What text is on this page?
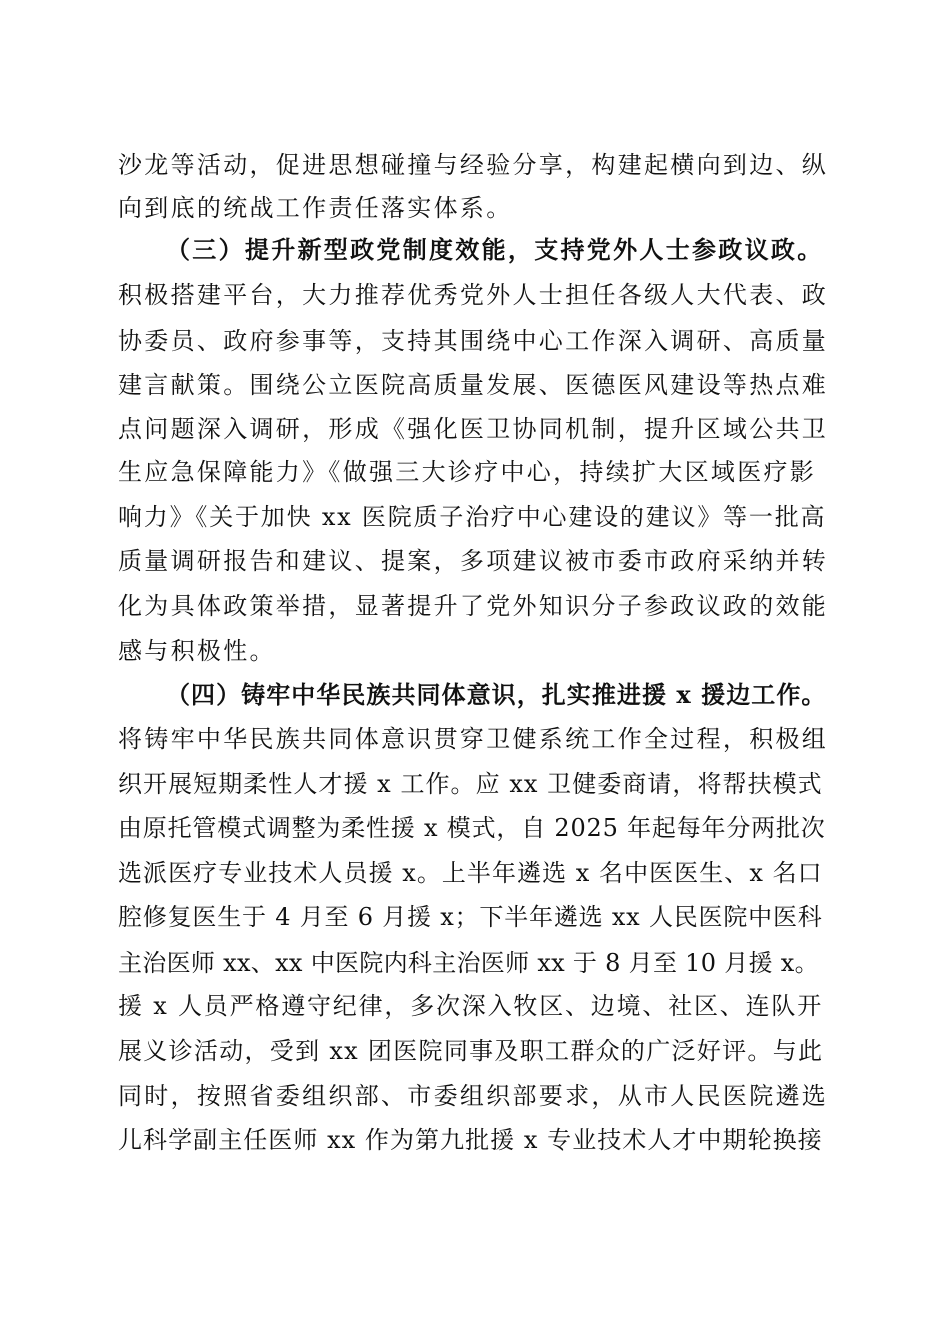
沙龙等活动，促进思想碰撞与经验分享，构建起横向到边、纵

向到底的统战工作责任落实体系。

（三）提升新型政党制度效能，支持党外人士参政议政。

积极搭建平台，大力推荐优秀党外人士担任各级人大代表、政

协委员、政府参事等，支持其围绕中心工作深入调研、高质量

建言献策。围绕公立医院高质量发展、医德医风建设等热点难

点问题深入调研，形成《强化医卫协同机制，提升区域公共卫

生应急保障能力》《做强三大诊疗中心，持续扩大区域医疗影

响力》《关于加快 xx 医院质子治疗中心建设的建议》等一批高

质量调研报告和建议、提案，多项建议被市委市政府采纳并转

化为具体政策举措，显著提升了党外知识分子参政议政的效能

感与积极性。

（四）铸牢中华民族共同体意识，扎实推进援 x 援边工作。

将铸牢中华民族共同体意识贯穿卫健系统工作全过程，积极组

织开展短期柔性人才援 x 工作。应 xx 卫健委商请，将帮扶模式

由原托管模式调整为柔性援 x 模式，自 2025 年起每年分两批次

选派医疗专业技术人员援 x。上半年遴选 x 名中医医生、x 名口

腔修复医生于 4 月至 6 月援 x；下半年遴选 xx 人民医院中医科

主治医师 xx、xx 中医院内科主治医师 xx 于 8 月至 10 月援 x。

援 x 人员严格遵守纪律，多次深入牧区、边境、社区、连队开

展义诊活动，受到 xx 团医院同事及职工群众的广泛好评。与此

同时，按照省委组织部、市委组织部要求，从市人民医院遴选

儿科学副主任医师 xx 作为第九批援 x 专业技术人才中期轮换接
